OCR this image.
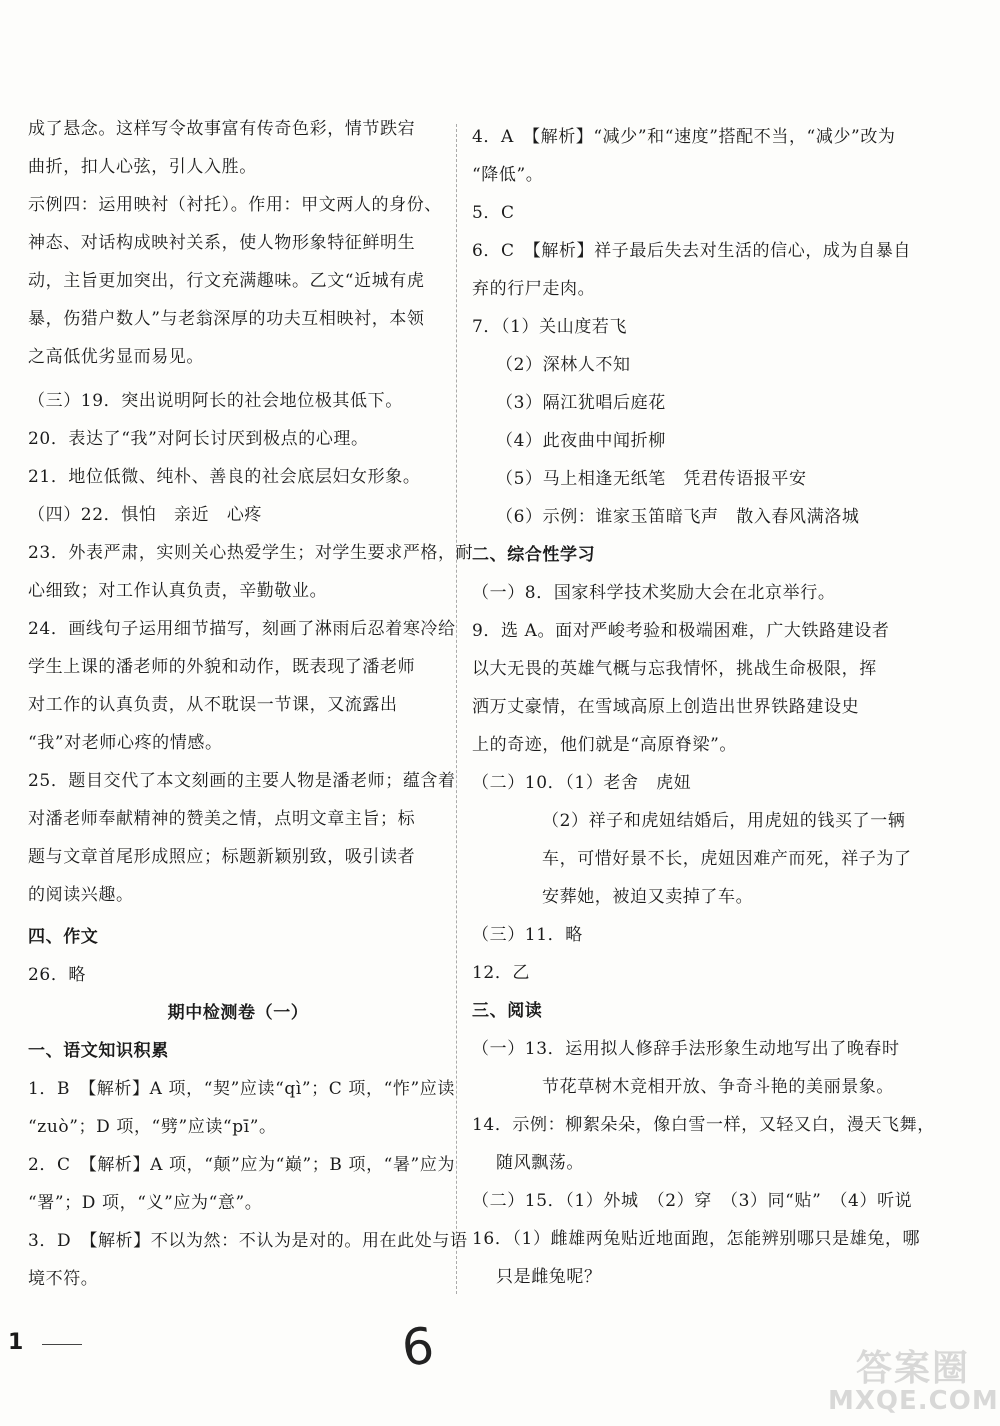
成了悬念。这样写令故事富有传奇色彩，情节跌宕
曲折，扣人心弦，引人入胜。
示例四：运用映衬（衬托）。作用：甲文两人的身份、
神态、对话构成映衬关系，使人物形象特征鲜明生
动，主旨更加突出，行文充满趣味。乙文“近城有虎
暴，伤猎户数人”与老翁深厚的功夫互相映衬，本领
之高低优劣显而易见。
（三）19．突出说明阿长的社会地位极其低下。
20．表达了“我”对阿长讨厌到极点的心理。
21．地位低微、纯朴、善良的社会底层妇女形象。
（四）22．惧怕　亲近　心疼
23．外表严肃，实则关心热爱学生；对学生要求严格，耐
心细致；对工作认真负责，辛勤敬业。
24．画线句子运用细节描写，刻画了淋雨后忍着寒冷给
学生上课的潘老师的外貌和动作，既表现了潘老师
对工作的认真负责，从不耽误一节课，又流露出
“我”对老师心疼的情感。
25．题目交代了本文刻画的主要人物是潘老师；蕴含着
对潘老师奉献精神的赞美之情，点明文章主旨；标
题与文章首尾形成照应；标题新颖别致，吸引读者
的阅读兴趣。
四、作文
26．略
期中检测卷（一）
一、语文知识积累
1．B　【解析】A 项，“契”应读“qì”；C 项，“怍”应读
“zuò”；D 项，“劈”应读“pī”。
2．C　【解析】A 项，“颠”应为“巅”；B 项，“暑”应为
“署”；D 项，“义”应为“意”。
3．D　【解析】不以为然：不认为是对的。用在此处与语
境不符。
4．A　【解析】“减少”和“速度”搭配不当，“减少”改为
“降低”。
5．C
6．C　【解析】祥子最后失去对生活的信心，成为自暴自
弃的行尸走肉。
7．（1）关山度若飞
（2）深林人不知
（3）隔江犹唱后庭花
（4）此夜曲中闻折柳
（5）马上相逢无纸笔　凭君传语报平安
（6）示例：谁家玉笛暗飞声　散入春风满洛城
二、综合性学习
（一）8．国家科学技术奖励大会在北京举行。
9．选 A。面对严峻考验和极端困难，广大铁路建设者
以大无畏的英雄气概与忘我情怀，挑战生命极限，挥
洒万丈豪情，在雪域高原上创造出世界铁路建设史
上的奇迹，他们就是“高原脊梁”。
（二）10．（1）老舍　虎妞
（2）祥子和虎妞结婚后，用虎妞的钱买了一辆
车，可惜好景不长，虎妞因难产而死，祥子为了
安葬她，被迫又卖掉了车。
（三）11．略
12．乙
三、阅读
（一）13．运用拟人修辞手法形象生动地写出了晚春时
节花草树木竞相开放、争奇斗艳的美丽景象。
14．示例：柳絮朵朵，像白雪一样，又轻又白，漫天飞舞，
随风飘荡。
（二）15．（1）外城　（2）穿　（3）同“贴”　（4）听说
16．（1）雌雄两兔贴近地面跑，怎能辨别哪只是雄兔，哪
只是雌兔呢？
1	6	答案圈
MXQE.COM
